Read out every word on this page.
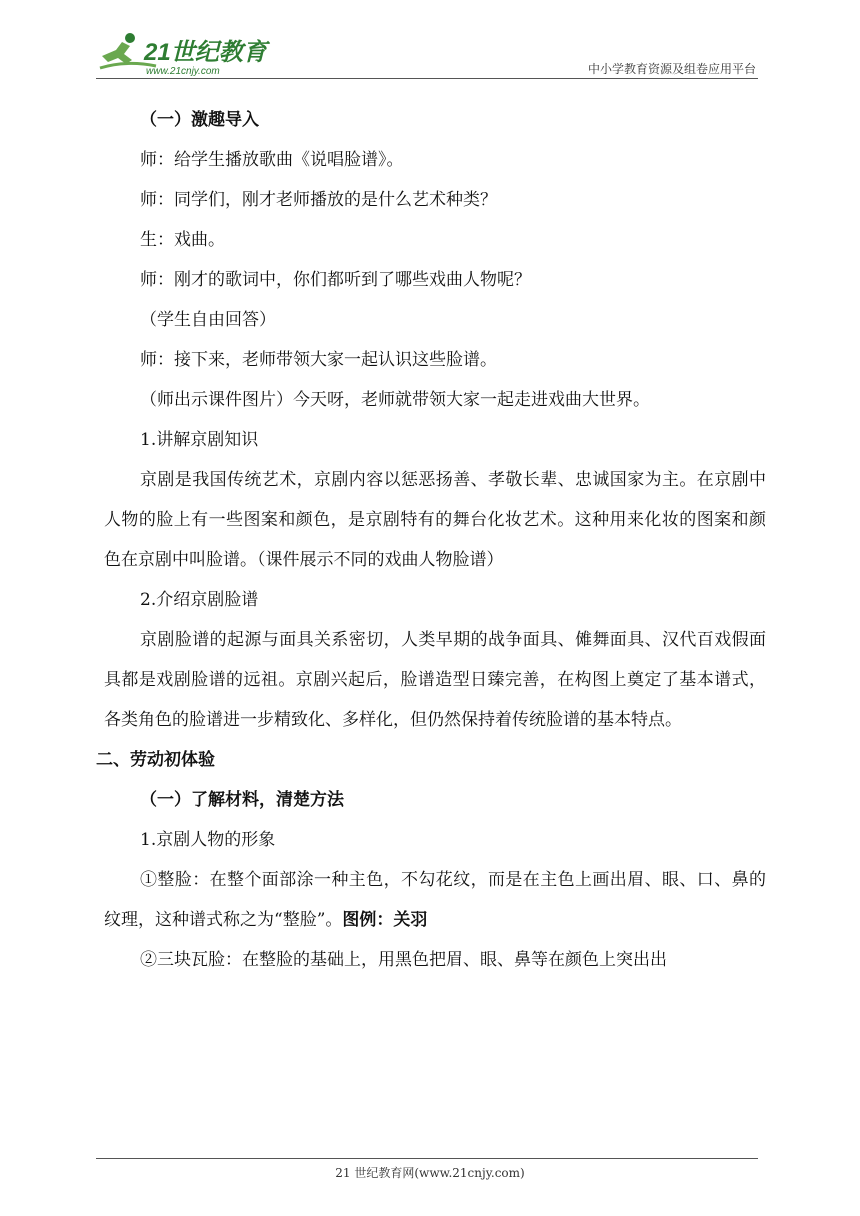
21世纪教育
www.21cnjy.com	中小学教育资源及组卷应用平台

（一）激趣导入

师：给学生播放歌曲《说唱脸谱》。

师：同学们，刚才老师播放的是什么艺术种类？

生：戏曲。

师：刚才的歌词中，你们都听到了哪些戏曲人物呢？

（学生自由回答）

师：接下来，老师带领大家一起认识这些脸谱。

（师出示课件图片）今天呀，老师就带领大家一起走进戏曲大世界。

1.讲解京剧知识

京剧是我国传统艺术，京剧内容以惩恶扬善、孝敬长辈、忠诚国家为主。在京剧中人物的脸上有一些图案和颜色，是京剧特有的舞台化妆艺术。这种用来化妆的图案和颜色在京剧中叫脸谱。（课件展示不同的戏曲人物脸谱）

2.介绍京剧脸谱

京剧脸谱的起源与面具关系密切，人类早期的战争面具、傩舞面具、汉代百戏假面具都是戏剧脸谱的远祖。京剧兴起后，脸谱造型日臻完善，在构图上奠定了基本谱式，各类角色的脸谱进一步精致化、多样化，但仍然保持着传统脸谱的基本特点。

二、劳动初体验

（一）了解材料，清楚方法

1.京剧人物的形象

①整脸：在整个面部涂一种主色，不勾花纹，而是在主色上画出眉、眼、口、鼻的纹理，这种谱式称之为“整脸”。图例：关羽

②三块瓦脸：在整脸的基础上，用黑色把眉、眼、鼻等在颜色上突出出

21 世纪教育网(www.21cnjy.com)
